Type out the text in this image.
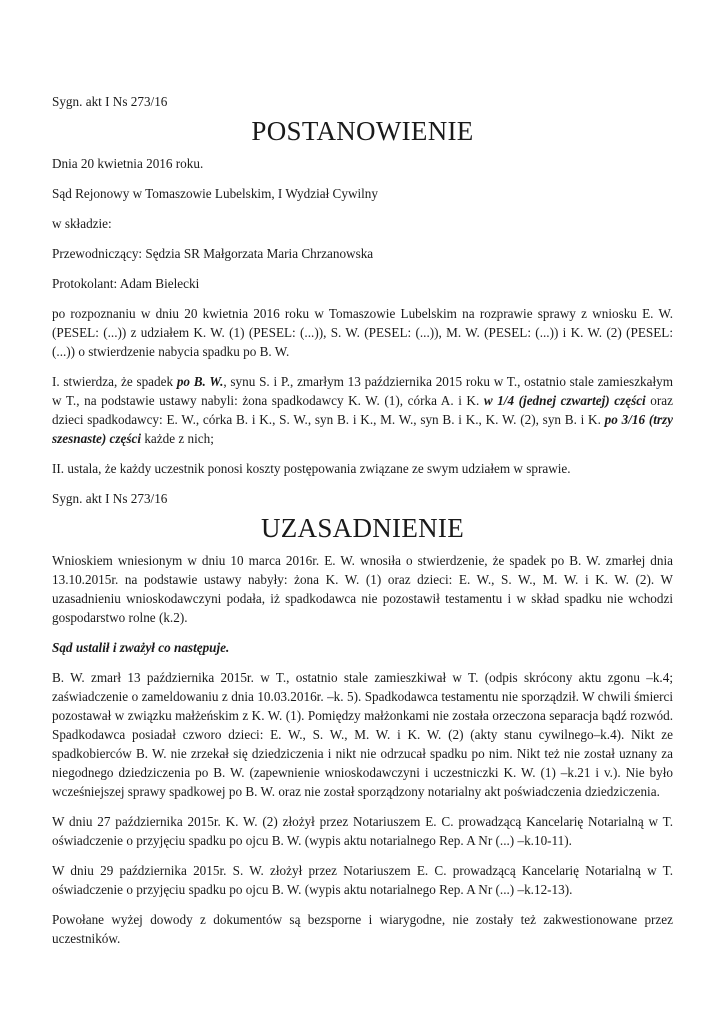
Sygn. akt I Ns 273/16

POSTANOWIENIE

Dnia 20 kwietnia 2016 roku.

Sąd Rejonowy w Tomaszowie Lubelskim, I Wydział Cywilny

w składzie:

Przewodniczący: Sędzia SR Małgorzata Maria Chrzanowska

Protokolant: Adam Bielecki

po rozpoznaniu w dniu 20 kwietnia 2016 roku w Tomaszowie Lubelskim na rozprawie sprawy z wniosku E. W. (PESEL: (...)) z udziałem K. W. (1) (PESEL: (...)), S. W. (PESEL: (...)), M. W. (PESEL: (...)) i K. W. (2) (PESEL: (...)) o stwierdzenie nabycia spadku po B. W.

I. stwierdza, że spadek po B. W., synu S. i P., zmarłym 13 października 2015 roku w T., ostatnio stale zamieszkałym w T., na podstawie ustawy nabyli: żona spadkodawcy K. W. (1), córka A. i K. w 1/4 (jednej czwartej) części oraz dzieci spadkodawcy: E. W., córka B. i K., S. W., syn B. i K., M. W., syn B. i K., K. W. (2), syn B. i K. po 3/16 (trzy szesnaste) części każde z nich;

II. ustala, że każdy uczestnik ponosi koszty postępowania związane ze swym udziałem w sprawie.

Sygn. akt I Ns 273/16

UZASADNIENIE

Wnioskiem wniesionym w dniu 10 marca 2016r. E. W. wnosiła o stwierdzenie, że spadek po B. W. zmarłej dnia 13.10.2015r. na podstawie ustawy nabyły: żona K. W. (1) oraz dzieci: E. W., S. W., M. W. i K. W. (2). W uzasadnieniu wnioskodawczyni podała, iż spadkodawca nie pozostawił testamentu i w skład spadku nie wchodzi gospodarstwo rolne (k.2).

Sąd ustalił i zważył co następuje.

B. W. zmarł 13 października 2015r. w T., ostatnio stale zamieszkiwał w T. (odpis skrócony aktu zgonu –k.4; zaświadczenie o zameldowaniu z dnia 10.03.2016r. –k. 5). Spadkodawca testamentu nie sporządził. W chwili śmierci pozostawał w związku małżeńskim z K. W. (1). Pomiędzy małżonkami nie została orzeczona separacja bądź rozwód. Spadkodawca posiadał czworo dzieci: E. W., S. W., M. W. i K. W. (2) (akty stanu cywilnego–k.4). Nikt ze spadkobierców B. W. nie zrzekał się dziedziczenia i nikt nie odrzucał spadku po nim. Nikt też nie został uznany za niegodnego dziedziczenia po B. W. (zapewnienie wnioskodawczyni i uczestniczki K. W. (1) –k.21 i v.). Nie było wcześniejszej sprawy spadkowej po B. W. oraz nie został sporządzony notarialny akt poświadczenia dziedziczenia.

W dniu 27 października 2015r. K. W. (2) złożył przez Notariuszem E. C. prowadzącą Kancelarię Notarialną w T. oświadczenie o przyjęciu spadku po ojcu B. W. (wypis aktu notarialnego Rep. A Nr (...) –k.10-11).

W dniu 29 października 2015r. S. W. złożył przez Notariuszem E. C. prowadzącą Kancelarię Notarialną w T. oświadczenie o przyjęciu spadku po ojcu B. W. (wypis aktu notarialnego Rep. A Nr (...) –k.12-13).

Powołane wyżej dowody z dokumentów są bezsporne i wiarygodne, nie zostały też zakwestionowane przez uczestników.
